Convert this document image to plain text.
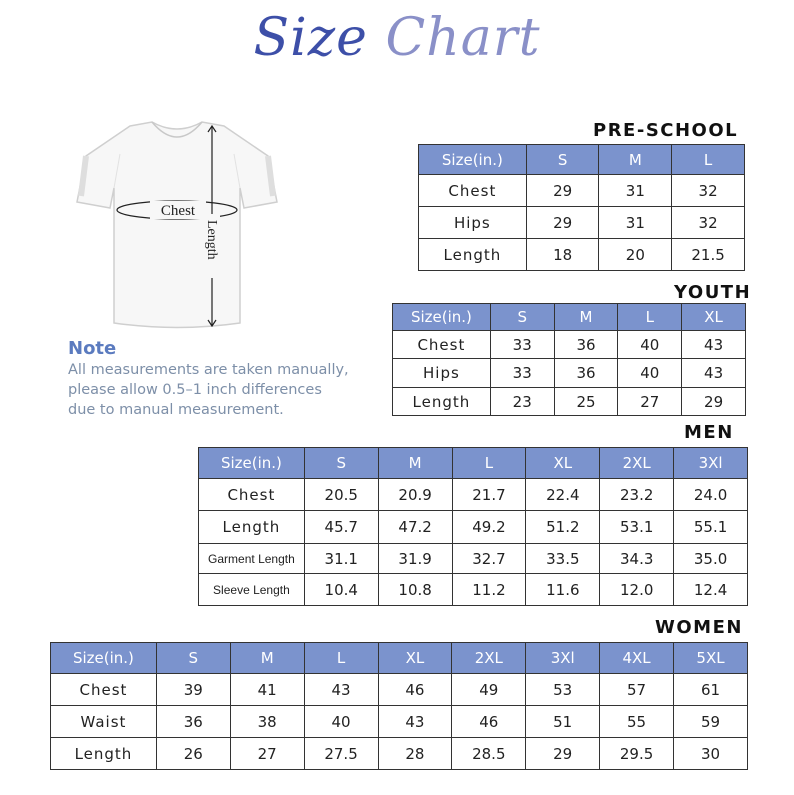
Size Chart
Chest
Length
Note
All measurements are taken manually,
please allow 0.5–1 inch differences
due to manual measurement.
PRE-SCHOOL
Size(in.)	S	M	L
Chest	29	31	32
Hips	29	31	32
Length	18	20	21.5
YOUTH
Size(in.)	S	M	L	XL
Chest	33	36	40	43
Hips	33	36	40	43
Length	23	25	27	29
MEN
Size(in.)	S	M	L	XL	2XL	3Xl
Chest	20.5	20.9	21.7	22.4	23.2	24.0
Length	45.7	47.2	49.2	51.2	53.1	55.1
Garment Length	31.1	31.9	32.7	33.5	34.3	35.0
Sleeve Length	10.4	10.8	11.2	11.6	12.0	12.4
WOMEN
Size(in.)	S	M	L	XL	2XL	3Xl	4XL	5XL
Chest	39	41	43	46	49	53	57	61
Waist	36	38	40	43	46	51	55	59
Length	26	27	27.5	28	28.5	29	29.5	30
